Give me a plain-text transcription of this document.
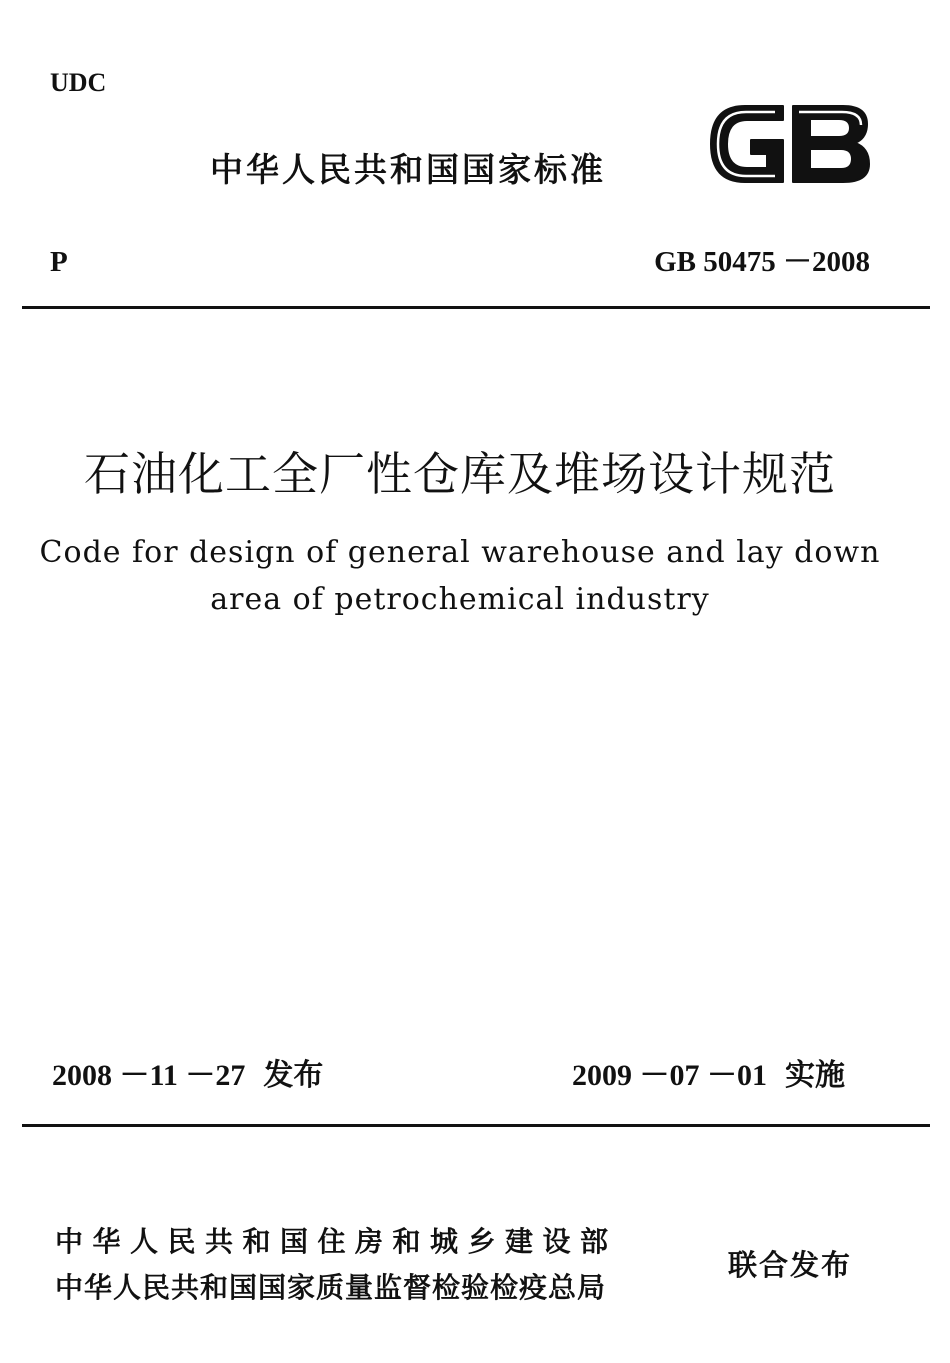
UDC
中华人民共和国国家标准
P	GB 50475 －2008
石油化工全厂性仓库及堆场设计规范
Code for design of general warehouse and lay down
area of petrochemical industry
2008 －11 －27 发布	2009 －07 －01 实施
中华人民共和国住房和城乡建设部
中华人民共和国国家质量监督检验检疫总局
联合发布
